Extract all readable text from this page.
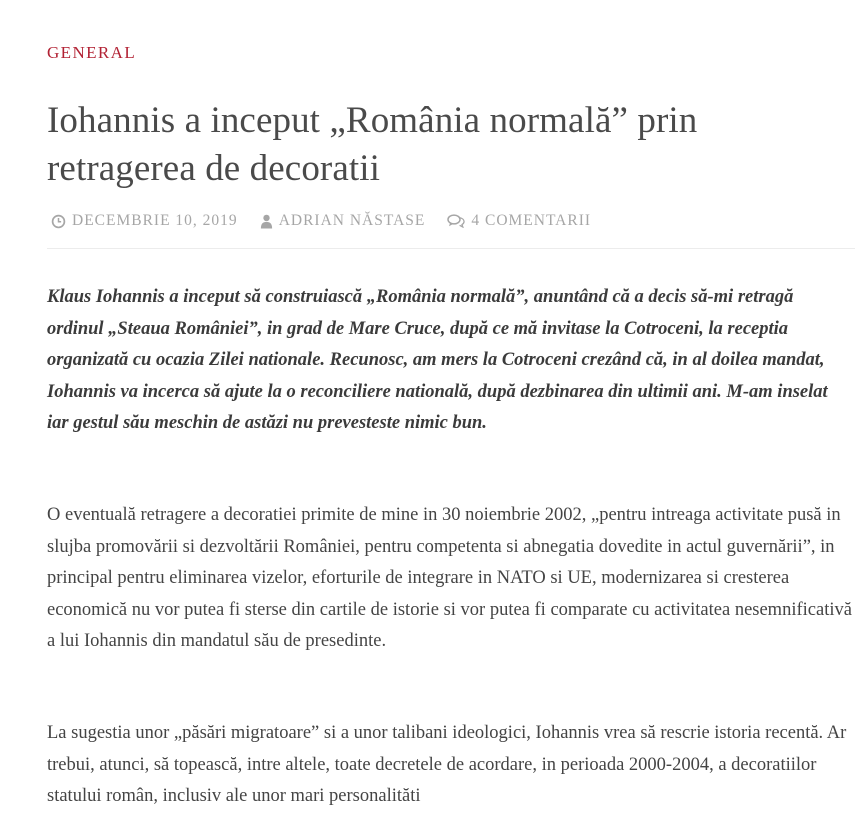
GENERAL
Iohannis a inceput „România normală” prin retragerea de decoratii
DECEMBRIE 10, 2019	ADRIAN NĂSTASE	4 COMENTARII

Klaus Iohannis a inceput să construiască „România normală”, anuntând că a decis să-mi retragă ordinul „Steaua României”, in grad de Mare Cruce, după ce mă invitase la Cotroceni, la receptia organizată cu ocazia Zilei nationale. Recunosc, am mers la Cotroceni crezând că, in al doilea mandat, Iohannis va incerca să ajute la o reconciliere natională, după dezbinarea din ultimii ani. M-am inselat iar gestul său meschin de astăzi nu prevesteste nimic bun.

O eventuală retragere a decoratiei primite de mine in 30 noiembrie 2002, „pentru intreaga activitate pusă in slujba promovării si dezvoltării României, pentru competenta si abnegatia dovedite in actul guvernării”, in principal pentru eliminarea vizelor, eforturile de integrare in NATO si UE, modernizarea si cresterea economică nu vor putea fi sterse din cartile de istorie si vor putea fi comparate cu activitatea nesemnificativă a lui Iohannis din mandatul său de presedinte.

La sugestia unor „păsări migratoare” si a unor talibani ideologici, Iohannis vrea să rescrie istoria recentă. Ar trebui, atunci, să topească, intre altele, toate decretele de acordare, in perioada 2000-2004, a decoratiilor statului român, inclusiv ale unor mari personalităti
